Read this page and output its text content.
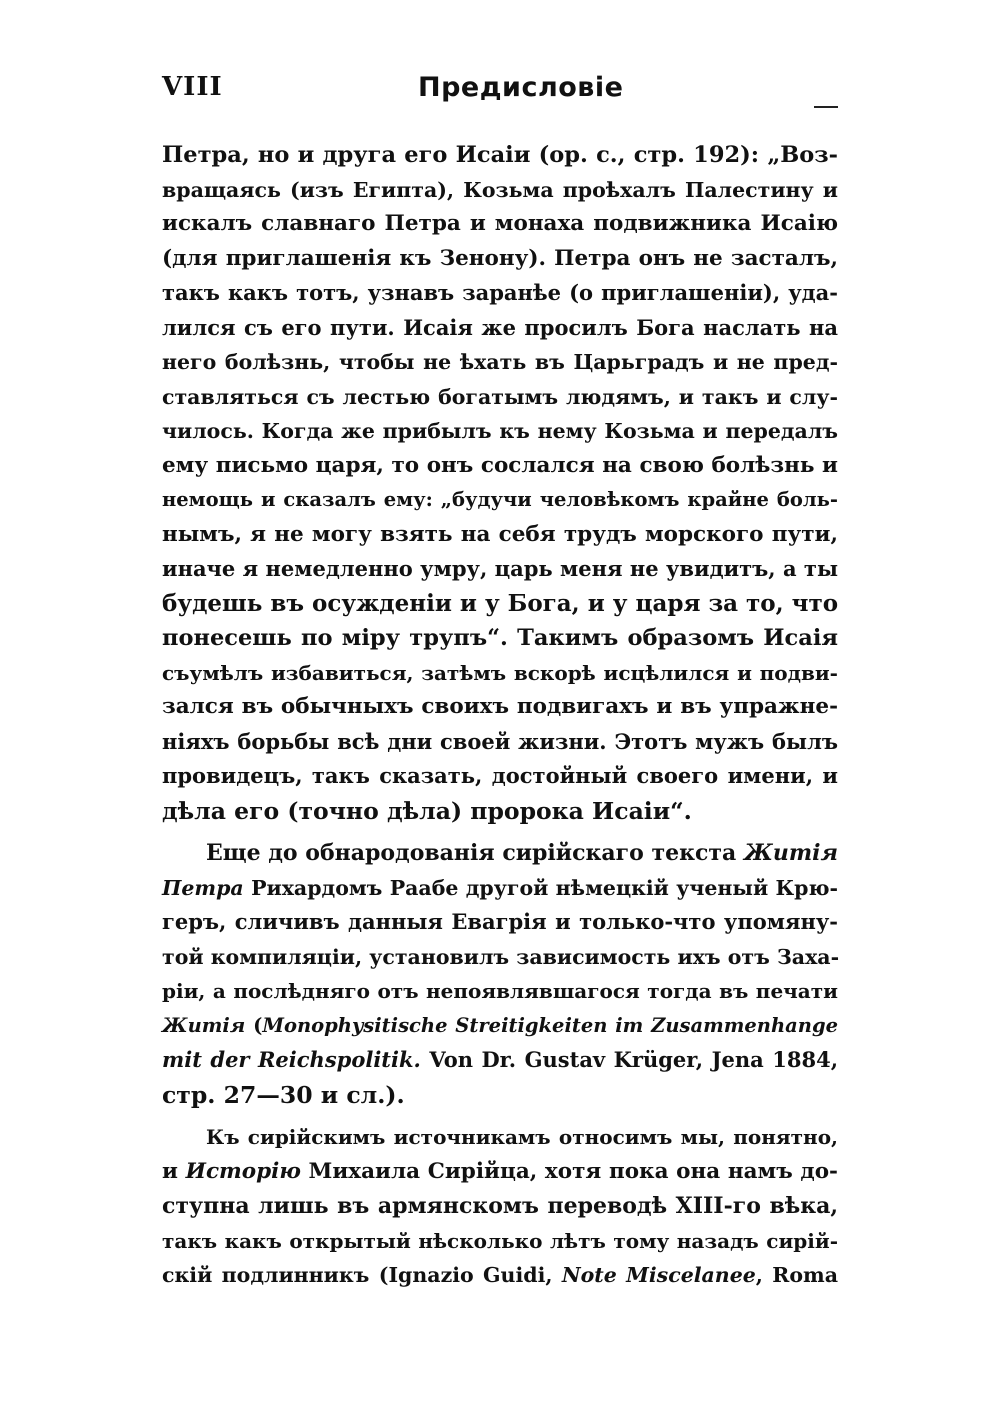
VIII	Предисловіе
Петра, но и друга его Исаіи (ор. с., стр. 192): „Воз-
вращаясь (изъ Египта), Козьма проѣхалъ Палестину и
искалъ славнаго Петра и монаха подвижника Исаію
(для приглашенія къ Зенону). Петра онъ не засталъ,
такъ какъ тотъ, узнавъ заранѣе (о приглашеніи), уда-
лился съ его пути. Исаія же просилъ Бога наслать на
него болѣзнь, чтобы не ѣхать въ Царьградъ и не пред-
ставляться съ лестью богатымъ людямъ, и такъ и слу-
чилось. Когда же прибылъ къ нему Козьма и передалъ
ему письмо царя, то онъ сослался на свою болѣзнь и
немощь и сказалъ ему: „будучи человѣкомъ крайне боль-
нымъ, я не могу взять на себя трудъ морского пути,
иначе я немедленно умру, царь меня не увидитъ, а ты
будешь въ осужденіи и у Бога, и у царя за то, что
понесешь по міру трупъ“. Такимъ образомъ Исаія
съумѣлъ избавиться, затѣмъ вскорѣ исцѣлился и подви-
зался въ обычныхъ своихъ подвигахъ и въ упражне-
ніяхъ борьбы всѣ дни своей жизни. Этотъ мужъ былъ
провидецъ, такъ сказать, достойный своего имени, и
дѣла его (точно дѣла) пророка Исаіи“.
Еще до обнародованія сирійскаго текста Житія
Петра Рихардомъ Раабе другой нѣмецкій ученый Крю-
геръ, сличивъ данныя Евагрія и только-что упомяну-
той компиляціи, установилъ зависимость ихъ отъ Заха-
ріи, а послѣдняго отъ непоявлявшагося тогда въ печати
Житія (Monophysitische Streitigkeiten im Zusammenhange
mit der Reichspolitik. Von Dr. Gustav Krüger, Jena 1884,
стр. 27—30 и сл.).
Къ сирійскимъ источникамъ относимъ мы, понятно,
и Исторію Михаила Сирійца, хотя пока она намъ до-
ступна лишь въ армянскомъ переводѣ XIII-го вѣка,
такъ какъ открытый нѣсколько лѣтъ тому назадъ сирій-
скій подлинникъ (Ignazio Guidi, Note Miscelanee, Roma
